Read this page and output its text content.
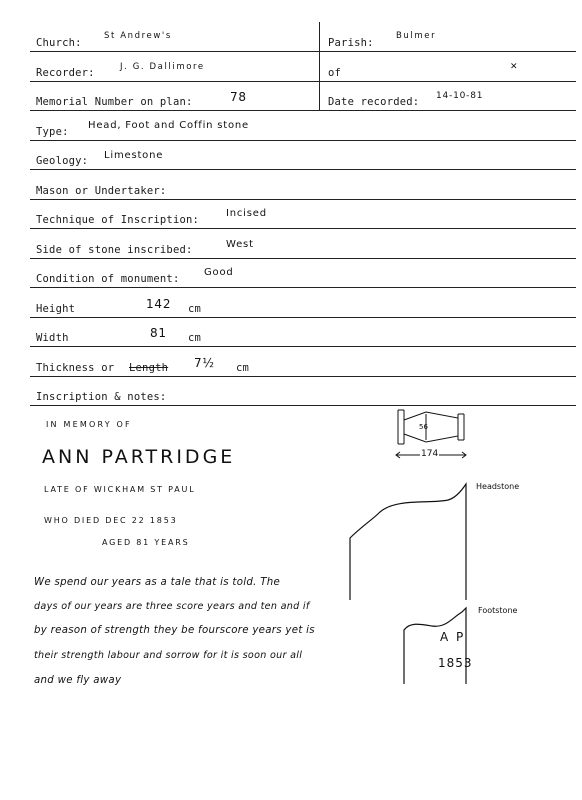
Church:
St Andrew's
Parish:
Bulmer
Recorder:	J. G. Dallimore	of	✕
Memorial Number on plan:	78	Date recorded: 14-10-81
Type:
Head, Foot and Coffin stone
Geology: Limestone
Mason or Undertaker:
Technique of Inscription:
Incised
Side of stone inscribed:	West
Condition of monument:
Good
Height	142 cm
Width	81 cm
Thickness or Length 7½ cm
Inscription & notes:
IN MEMORY OF
ANN PARTRIDGE
LATE OF WICKHAM ST PAUL
WHO DIED DEC 22 1853
AGED 81 YEARS
We spend our years as a tale that is told. The
days of our years are three score years and ten and if
by reason of strength they be fourscore years yet is
their strength labour and sorrow for it is soon our all
and we fly away
56
174
Headstone
Footstone
A P
1853
